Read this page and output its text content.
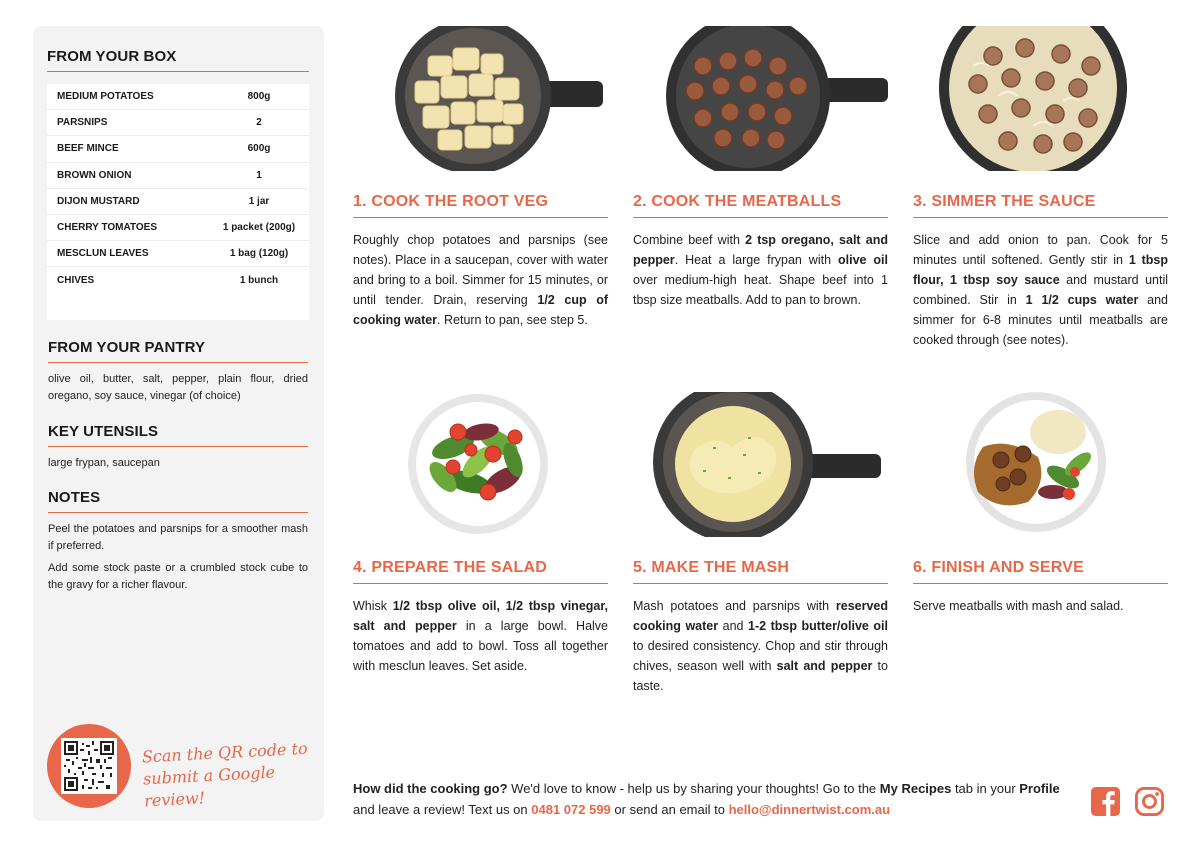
FROM YOUR BOX
MEDIUM POTATOES	800g
PARSNIPS	2
BEEF MINCE	600g
BROWN ONION	1
DIJON MUSTARD	1 jar
CHERRY TOMATOES	1 packet (200g)
MESCLUN LEAVES	1 bag (120g)
CHIVES	1 bunch
FROM YOUR PANTRY

olive oil, butter, salt, pepper, plain flour, dried oregano, soy sauce, vinegar (of choice)

KEY UTENSILS

large frypan, saucepan

NOTES

Peel the potatoes and parsnips for a smoother mash if preferred.

Add some stock paste or a crumbled stock cube to the gravy for a richer flavour.

Scan the QR code to submit a Google review!
1. COOK THE ROOT VEG

Roughly chop potatoes and parsnips (see notes). Place in a saucepan, cover with water and bring to a boil. Simmer for 15 minutes, or until tender. Drain, reserving 1/2 cup of cooking water. Return to pan, see step 5.

2. COOK THE MEATBALLS

Combine beef with 2 tsp oregano, salt and pepper. Heat a large frypan with olive oil over medium-high heat. Shape beef into 1 tbsp size meatballs. Add to pan to brown.

3. SIMMER THE SAUCE

Slice and add onion to pan. Cook for 5 minutes until softened. Gently stir in 1 tbsp flour, 1 tbsp soy sauce and mustard until combined. Stir in 1 1/2 cups water and simmer for 6-8 minutes until meatballs are cooked through (see notes).

4. PREPARE THE SALAD

Whisk 1/2 tbsp olive oil, 1/2 tbsp vinegar, salt and pepper in a large bowl. Halve tomatoes and add to bowl. Toss all together with mesclun leaves. Set aside.

5. MAKE THE MASH

Mash potatoes and parsnips with reserved cooking water and 1-2 tbsp butter/olive oil to desired consistency. Chop and stir through chives, season well with salt and pepper to taste.

6. FINISH AND SERVE

Serve meatballs with mash and salad.

How did the cooking go? We'd love to know - help us by sharing your thoughts! Go to the My Recipes tab in your Profile and leave a review! Text us on 0481 072 599 or send an email to hello@dinnertwist.com.au
